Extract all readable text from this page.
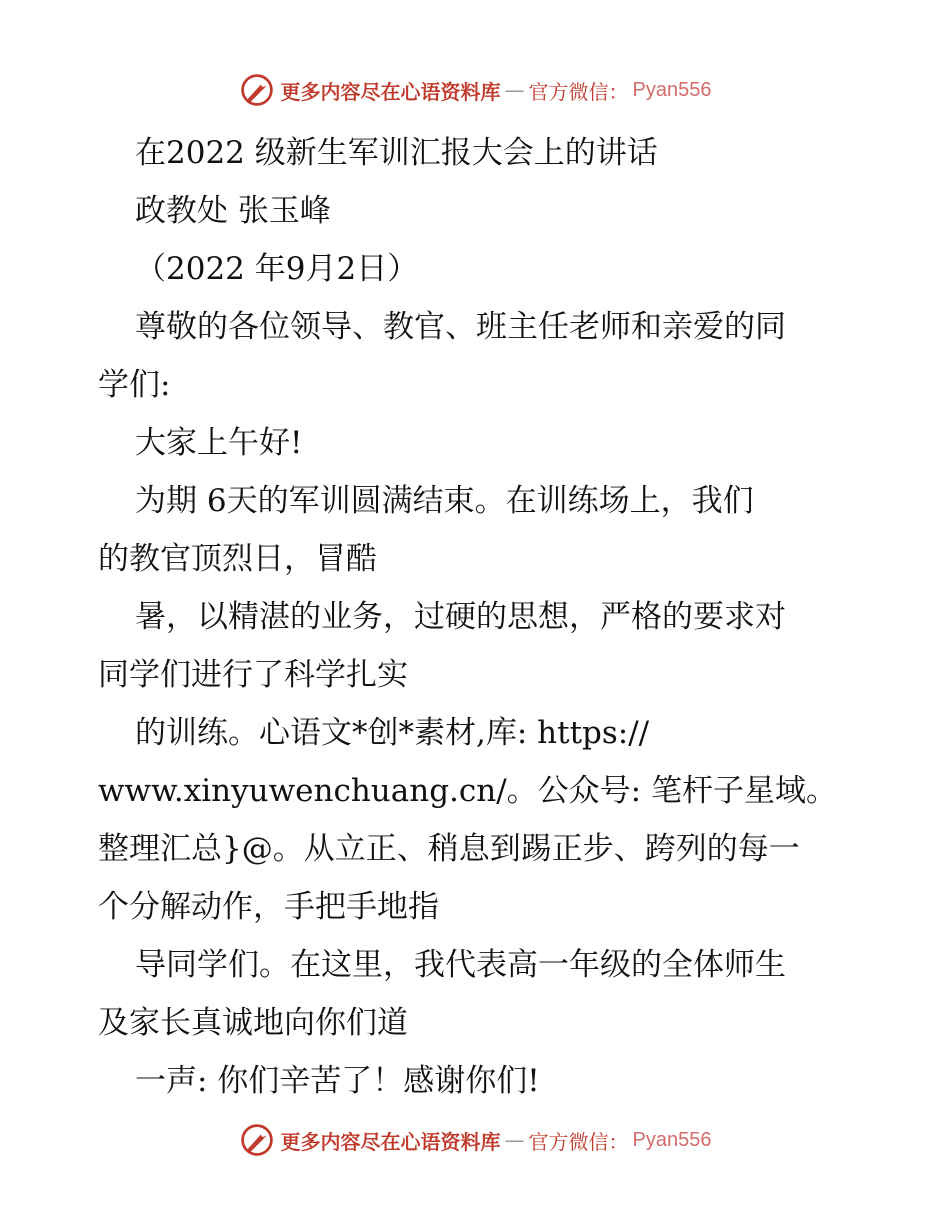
更多内容尽在心语资料库 — 官方微信： Pyan556
在2022 级新生军训汇报大会上的讲话
政教处 张玉峰
（2022 年9月2日）
尊敬的各位领导、教官、班主任老师和亲爱的同
学们:
大家上午好!
为期 6天的军训圆满结束。在训练场上，我们
的教官顶烈日，冒酷
暑，以精湛的业务，过硬的思想，严格的要求对
同学们进行了科学扎实
的训练。心语文*创*素材,库: https://
www.xinyuwenchuang.cn/。公众号: 笔杆子星域。
整理汇总}@。从立正、稍息到踢正步、跨列的每一
个分解动作，手把手地指
导同学们。在这里，我代表高一年级的全体师生
及家长真诚地向你们道
一声: 你们辛苦了！感谢你们!
更多内容尽在心语资料库 — 官方微信： Pyan556
